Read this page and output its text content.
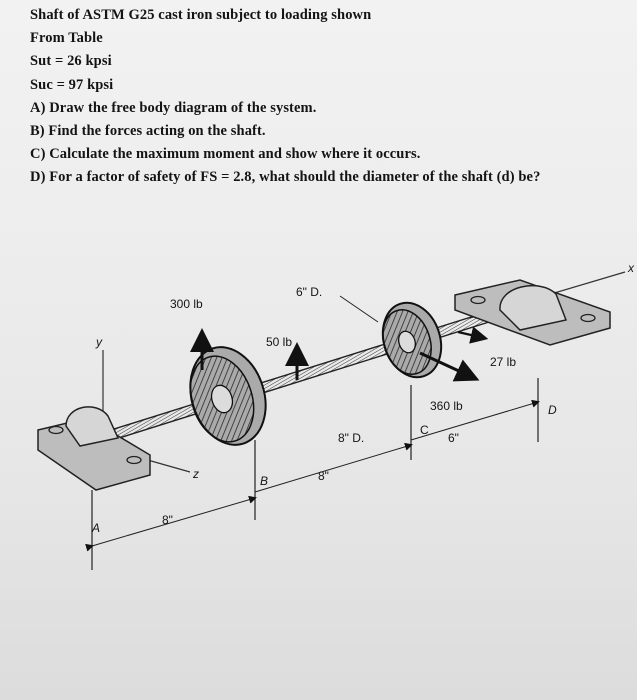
Shaft of ASTM G25 cast iron subject to loading shown
From Table
Sut = 26 kpsi
Suc = 97 kpsi
A) Draw the free body diagram of the system.
B) Find the forces acting on the shaft.
C) Calculate the maximum moment and show where it occurs.
D) For a factor of safety of FS = 2.8, what should the diameter of the shaft (d) be?
x
y
z
300 lb
50 lb
360 lb
27 lb
6" D.
8" D.
A
B
C
D
8"
8"
6"
